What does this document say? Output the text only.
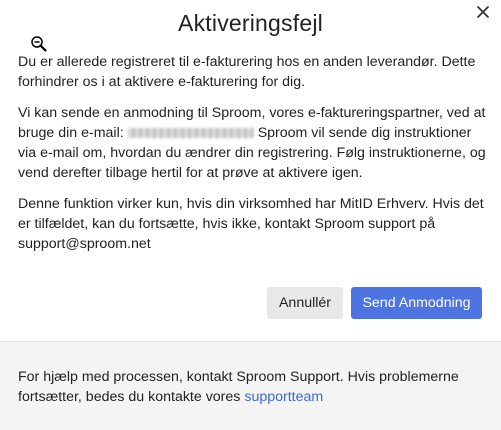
Aktiveringsfejl

Du er allerede registreret til e-fakturering hos en anden leverandør. Dette forhindrer os i at aktivere e-fakturering for dig.

Vi kan sende en anmodning til Sproom, vores e-faktureringspartner, ved at bruge din e-mail:	Sproom vil sende dig instruktioner via e-mail om, hvordan du ændrer din registrering. Følg instruktionerne, og vend derefter tilbage hertil for at prøve at aktivere igen.

Denne funktion virker kun, hvis din virksomhed har MitID Erhverv. Hvis det er tilfældet, kan du fortsætte, hvis ikke, kontakt Sproom support på support@sproom.net

Annullér	Send Anmodning
For hjælp med processen, kontakt Sproom Support. Hvis problemerne fortsætter, bedes du kontakte vores supportteam
